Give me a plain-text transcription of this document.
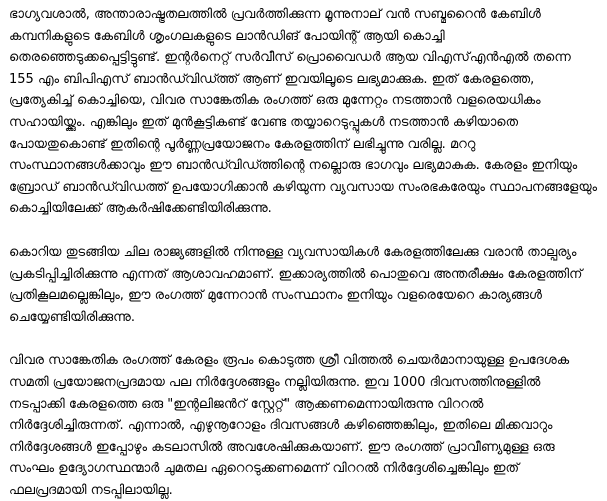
ഭാഗ്യവശാല്‍, അന്താരാഷ്ട്രതലത്തില്‍ പ്രവര്‍ത്തിക്കുന്ന മൂന്നുനാല് വന്‍ സബ്മറൈന്‍ കേബിള്‍ കമ്പനികളുടെ കേബിള്‍ ശൃംഗലകളുടെ ലാന്‍ഡിങ് പോയിന്റ് ആയി കൊച്ചി തെരഞ്ഞെടുക്കപ്പെട്ടിട്ടുണ്ട്. ഇന്റര്‍നെറ്റ് സര്‍വീസ് പ്രൊവൈഡര്‍ ആയ വിഎസ്എന്‍എല്‍ തന്നെ 155 എം ബിപിഎസ് ബാന്‍ഡ്‍വിഡ്ത്ത് ആണ് ഇവയിലൂടെ ലഭ്യമാക്കുക. ഇത് കേരളത്തെ, പ്രത്യേകിച്ച് കൊച്ചിയെ, വിവര സാങ്കേതിക രംഗത്ത് ഒരു മുന്നേറ്റം നടത്താന്‍ വളരെയധികം സഹായിയ്ക്കും. എങ്കിലും ഇത് മുന്‍കൂട്ടികണ്ട് വേണ്ട തയ്യാറെടുപ്പുകള്‍ നടത്താന്‍ കഴിയാതെ പോയതുകൊണ്ട് ഇതിന്റെ പൂര്‍ണ്ണപ്രയോജനം കേരളത്തിന് ലഭിച്ചുന്നു വരില്ല. മററു സംസ്ഥാനങ്ങള്‍ക്കാവും ഈ ബാന്‍ഡ്‍വിഡ്ത്തിന്റെ നല്ലൊരു ഭാഗവും ലഭ്യമാകുക. കേരളം ഇനിയും ബ്രോഡ് ബാന്‍ഡ്‍വിഡത്ത് ഉപയോഗിക്കാന്‍ കഴിയുന്ന വ്യവസായ സംരഭകരേയും സ്ഥാപനങ്ങളേയും കൊച്ചിയിലേക്ക് ആകര്‍ഷിക്കേണ്ടിയിരിക്കുന്നു.

കൊറിയ തുടങ്ങിയ ചില രാജ്യങ്ങളില്‍ നിന്നുള്ള വ്യവസായികള്‍ കേരളത്തിലേക്കു വരാന്‍ താല്പര്യം പ്രകടിപ്പിച്ചിരിക്കുന്നു എന്നത് ആശാവഹമാണ്. ഇക്കാര്യത്തില്‍ പൊതുവെ അന്തരീക്ഷം കേരളത്തിന് പ്രതികൂലമല്ലെങ്കിലും, ഈ രംഗത്ത് മുന്നേറാന്‍ സംസ്ഥാനം ഇനിയും വളരെയേറെ കാര്യങ്ങള്‍ ചെയ്യേണ്ടിയിരിക്കുന്നു.

വിവര സാങ്കേതിക രംഗത്ത് കേരളം രൂപം കൊടുത്ത ശ്രീ വിത്തല്‍ ചെയര്‍മാനായുള്ള ഉപദേശക സമതി പ്രയോജനപ്രദമായ പല നിര്‍ദ്ദേശങ്ങളും നല്ലിയിരുന്നു. ഇവ 1000 ദിവസത്തിനുള്ളില്‍ നടപ്പാക്കി കേരളത്തെ ഒരു "ഇന്റലിജന്‍റ് സ്റ്റേറ്റ്" ആക്കണമെന്നായിരുന്നു വിററല്‍ നിര്‍ദ്ദേശിച്ചിരുന്നത്. എന്നാല്‍, എഴുനൂറോളം ദിവസങ്ങള്‍ കഴിഞ്ഞെങ്കിലും, ഇതിലെ മിക്കവാറും നിര്‍ദ്ദേശങ്ങള്‍ ഇപ്പോഴും കടലാസില്‍ അവശേഷിക്കുകയാണ്. ഈ രംഗത്ത് പ്രാവീണ്യമുള്ള ഒരു സംഘം ഉദ്യോഗസ്ഥന്മാര്‍ ചുമതല ഏറെറടുക്കണമെന്ന് വിററല്‍ നിര്‍ദ്ദേശിച്ചെങ്കിലും ഇത് ഫലപ്രദമായി നടപ്പിലായില്ല.
